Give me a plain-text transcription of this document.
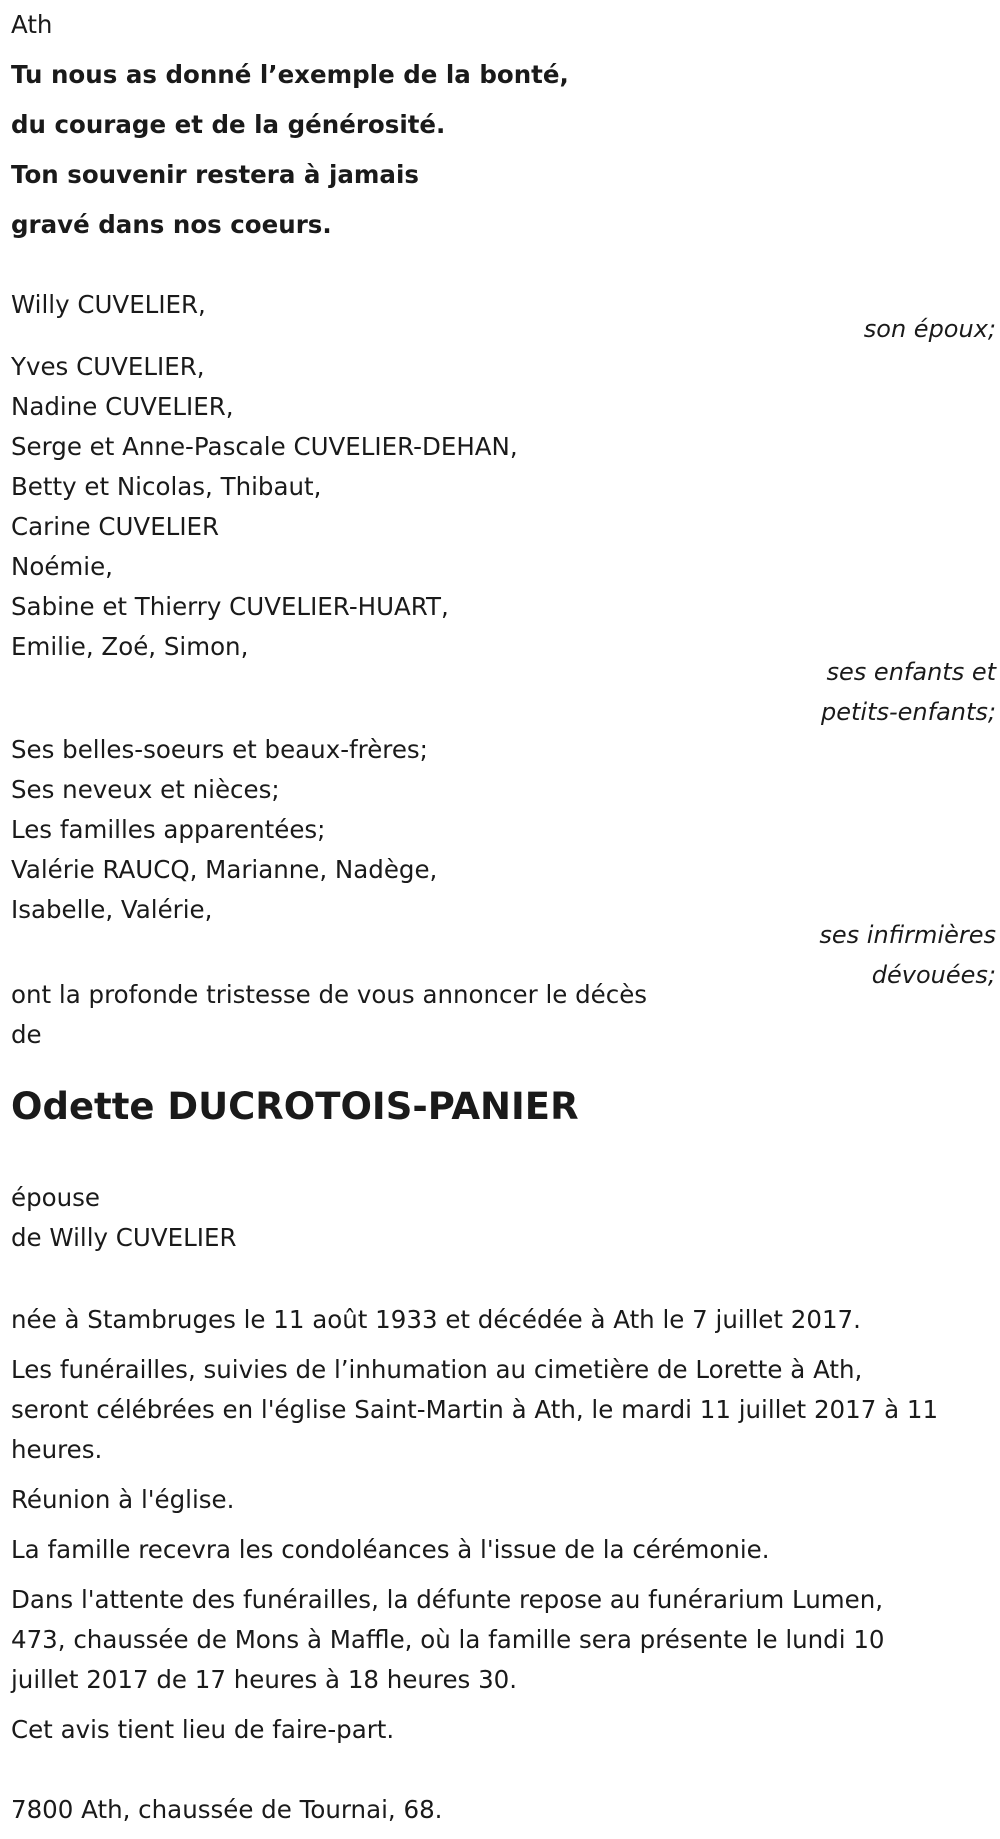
Ath

Tu nous as donné l’exemple de la bonté,

du courage et de la générosité.

Ton souvenir restera à jamais

gravé dans nos coeurs.

Willy CUVELIER,

son époux;

Yves CUVELIER,

Nadine CUVELIER,

Serge et Anne-Pascale CUVELIER-DEHAN,

Betty et Nicolas, Thibaut,

Carine CUVELIER

Noémie,

Sabine et Thierry CUVELIER-HUART,

Emilie, Zoé, Simon,

ses enfants et
petits-enfants;

Ses belles-soeurs et beaux-frères;

Ses neveux et nièces;

Les familles apparentées;

Valérie RAUCQ, Marianne, Nadège,

Isabelle, Valérie,

ses infirmières
dévouées;

ont la profonde tristesse de vous annoncer le décès

de

Odette DUCROTOIS-PANIER

épouse

de Willy CUVELIER

née à Stambruges le 11 août 1933 et décédée à Ath le 7 juillet 2017.

Les funérailles, suivies de l’inhumation au cimetière de Lorette à Ath,

seront célébrées en l'église Saint-Martin à Ath, le mardi 11 juillet 2017 à 11

heures.

Réunion à l'église.

La famille recevra les condoléances à l'issue de la cérémonie.

Dans l'attente des funérailles, la défunte repose au funérarium Lumen,

473, chaussée de Mons à Maffle, où la famille sera présente le lundi 10

juillet 2017 de 17 heures à 18 heures 30.

Cet avis tient lieu de faire-part.

7800 Ath, chaussée de Tournai, 68.
